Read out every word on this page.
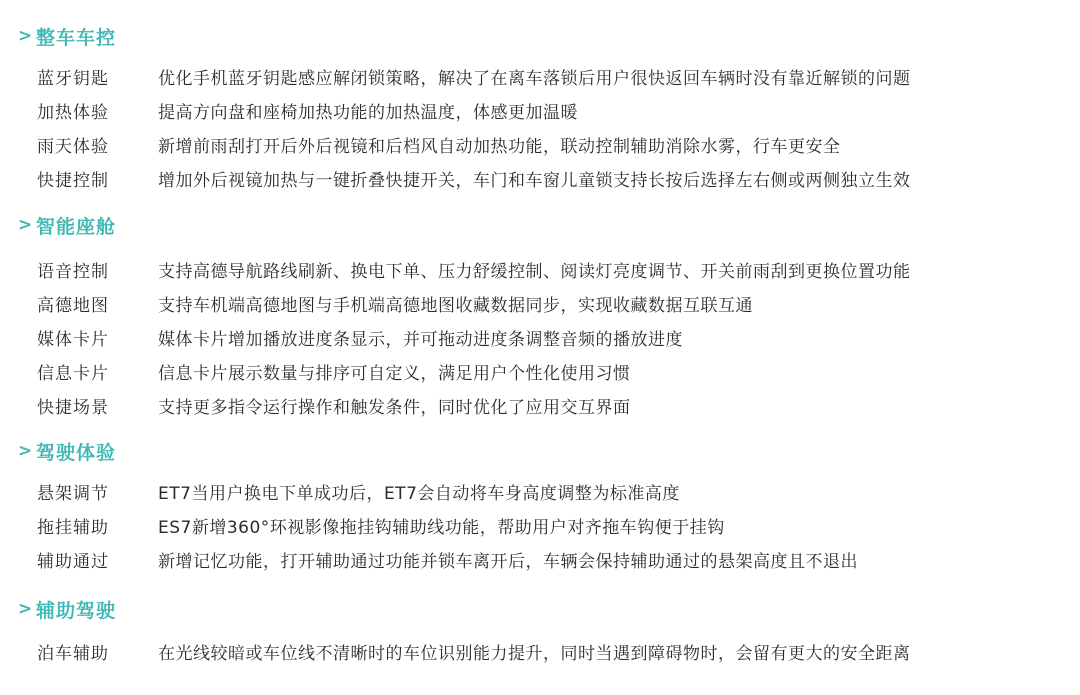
> 整车车控
蓝牙钥匙	优化手机蓝牙钥匙感应解闭锁策略，解决了在离车落锁后用户很快返回车辆时没有靠近解锁的问题
加热体验	提高方向盘和座椅加热功能的加热温度，体感更加温暖
雨天体验	新增前雨刮打开后外后视镜和后档风自动加热功能，联动控制辅助消除水雾，行车更安全
快捷控制	增加外后视镜加热与一键折叠快捷开关，车门和车窗儿童锁支持长按后选择左右侧或两侧独立生效
> 智能座舱
语音控制	支持高德导航路线刷新、换电下单、压力舒缓控制、阅读灯亮度调节、开关前雨刮到更换位置功能
高德地图	支持车机端高德地图与手机端高德地图收藏数据同步，实现收藏数据互联互通
媒体卡片	媒体卡片增加播放进度条显示，并可拖动进度条调整音频的播放进度
信息卡片	信息卡片展示数量与排序可自定义，满足用户个性化使用习惯
快捷场景	支持更多指令运行操作和触发条件，同时优化了应用交互界面
> 驾驶体验
悬架调节	ET7当用户换电下单成功后，ET7会自动将车身高度调整为标准高度
拖挂辅助	ES7新增360°环视影像拖挂钩辅助线功能，帮助用户对齐拖车钩便于挂钩
辅助通过	新增记忆功能，打开辅助通过功能并锁车离开后，车辆会保持辅助通过的悬架高度且不退出
> 辅助驾驶
泊车辅助	在光线较暗或车位线不清晰时的车位识别能力提升，同时当遇到障碍物时，会留有更大的安全距离
